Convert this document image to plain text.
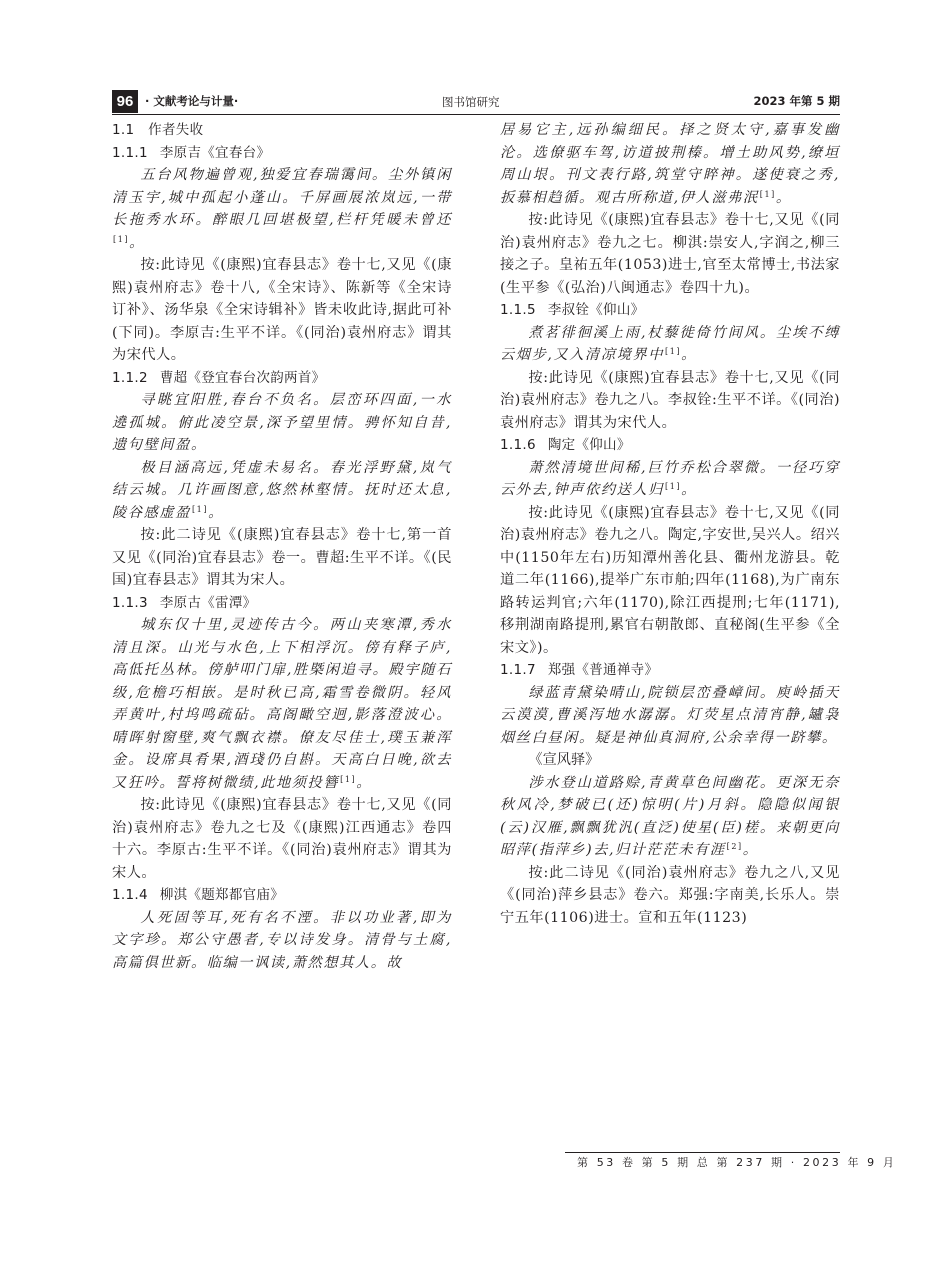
96	· 文献考论与计量·	图书馆研究	2023 年第 5 期
1.1　作者失收
1.1.1 李原吉《宜春台》
五台风物遍曾观,独爱宜春瑞霭间。尘外镇闲清玉宇,城中孤起小蓬山。千屏画展浓岚远,一带长拖秀水环。醉眼几回堪极望,栏杆凭暖未曾还[1]。
按:此诗见《(康熙)宜春县志》卷十七,又见《(康熙)袁州府志》卷十八,《全宋诗》、陈新等《全宋诗订补》、汤华泉《全宋诗辑补》皆未收此诗,据此可补(下同)。李原吉:生平不详。《(同治)袁州府志》谓其为宋代人。
1.1.2 曹超《登宜春台次韵两首》
寻眺宜阳胜,春台不负名。层峦环四面,一水遶孤城。俯此凌空景,深予望里情。骋怀知自昔,遗句壁间盈。
极目涵高远,凭虚未易名。春光浮野黛,岚气结云城。几许画图意,悠然林壑情。抚时还太息,陵谷感虚盈[1]。
按:此二诗见《(康熙)宜春县志》卷十七,第一首又见《(同治)宜春县志》卷一。曹超:生平不详。《(民国)宜春县志》谓其为宋人。
1.1.3 李原古《雷潭》
城东仅十里,灵迹传古今。两山夹寒潭,秀水清且深。山光与水色,上下相浮沉。傍有释子庐,高低托丛林。傍舻叩门扉,胜槩闲追寻。殿宇随石级,危檐巧相嵌。是时秋已高,霜雪卷微阴。轻风弄黄叶,村坞鸣疏砧。高阁瞰空迥,影落澄波心。晴晖射窗壁,爽气飘衣襟。僚友尽佳士,璞玉兼浑金。设席具肴果,酒琖仍自斟。天高白日晚,欲去又狂吟。誓将树微绩,此地须投簪[1]。
按:此诗见《(康熙)宜春县志》卷十七,又见《(同治)袁州府志》卷九之七及《(康熙)江西通志》卷四十六。李原古:生平不详。《(同治)袁州府志》谓其为宋人。
1.1.4 柳淇《题郑都官庙》
人死固等耳,死有名不湮。非以功业著,即为文字珍。郑公守愚者,专以诗发身。清骨与土腐,高篇俱世新。临编一讽读,萧然想其人。故
居易它主,远孙编细民。择之贤太守,嘉事发幽沦。选僚驱车驾,访道披荆榛。增土助风势,缭垣周山垠。刊文表行路,筑堂守睟神。遂使衰之秀,扳慕相趋循。观古所称道,伊人滋弗泯[1]。
按:此诗见《(康熙)宜春县志》卷十七,又见《(同治)袁州府志》卷九之七。柳淇:崇安人,字润之,柳三接之子。皇祐五年(1053)进士,官至太常博士,书法家(生平参《(弘治)八闽通志》卷四十九)。
1.1.5 李叔铨《仰山》
煮茗徘徊溪上雨,杖藜徙倚竹间风。尘埃不缚云烟步,又入清凉境界中[1]。
按:此诗见《(康熙)宜春县志》卷十七,又见《(同治)袁州府志》卷九之八。李叔铨:生平不详。《(同治)袁州府志》谓其为宋代人。
1.1.6 陶定《仰山》
萧然清境世间稀,巨竹乔松合翠微。一径巧穿云外去,钟声依约送人归[1]。
按:此诗见《(康熙)宜春县志》卷十七,又见《(同治)袁州府志》卷九之八。陶定,字安世,吴兴人。绍兴中(1150年左右)历知潭州善化县、衢州龙游县。乾道二年(1166),提举广东市舶;四年(1168),为广南东路转运判官;六年(1170),除江西提刑;七年(1171),移荆湖南路提刑,累官右朝散郎、直秘阁(生平参《全宋文》)。
1.1.7 郑强《普通禅寺》
绿蓝青黛染晴山,院锁层峦叠嶂间。庾岭插天云漠漠,曹溪泻地水潺潺。灯荧星点清宵静,罏袅烟丝白昼闲。疑是神仙真洞府,公余幸得一跻攀。
《宣风驿》
涉水登山道路赊,青黄草色间幽花。更深无奈秋风冷,梦破已(还)惊明(片)月斜。隐隐似闻银(云)汉雁,飘飘犹汎(直泛)使星(臣)槎。来朝更向昭萍(指萍乡)去,归计茫茫未有涯[2]。
按:此二诗见《(同治)袁州府志》卷九之八,又见《(同治)萍乡县志》卷六。郑强:字南美,长乐人。崇宁五年(1106)进士。宣和五年(1123)
第 53 卷 第 5 期 总 第 237 期 · 2023 年 9 月
